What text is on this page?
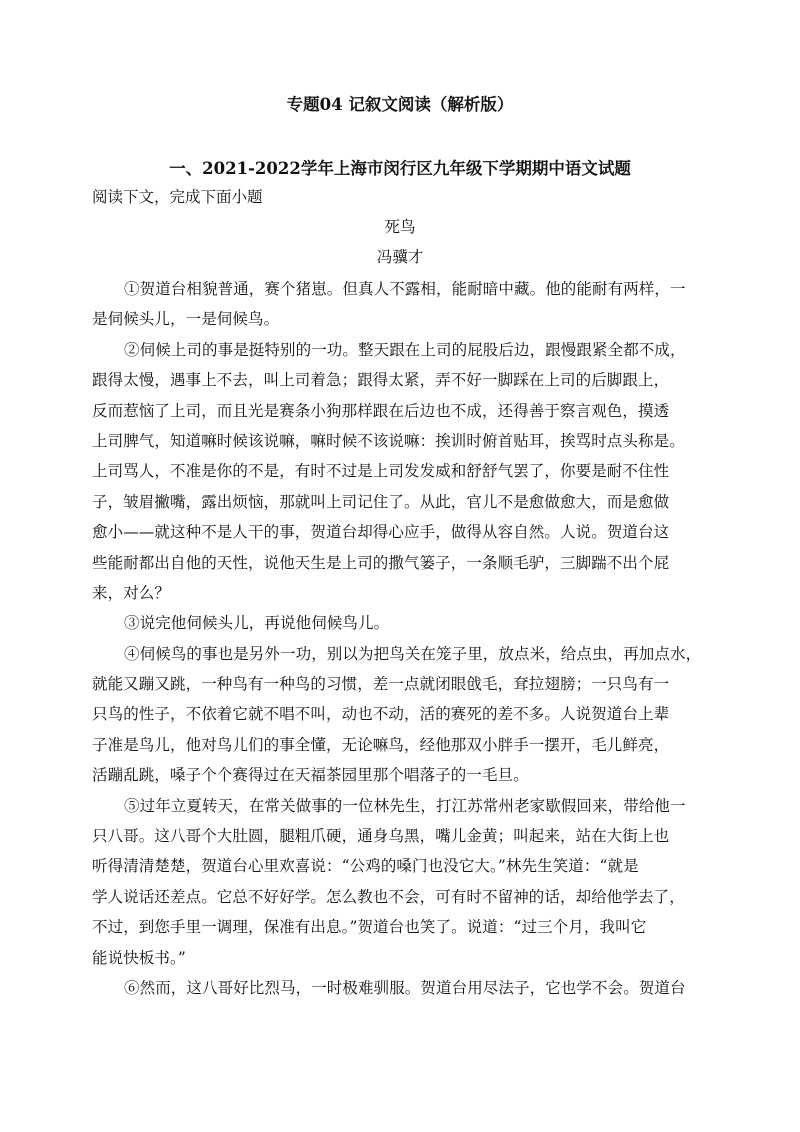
专题04 记叙文阅读（解析版）
一、2021-2022学年上海市闵行区九年级下学期期中语文试题

阅读下文，完成下面小题

死鸟

冯骥才

①贺道台相貌普通，赛个猪崽。但真人不露相，能耐暗中藏。他的能耐有两样，一
是伺候头儿，一是伺候鸟。
②伺候上司的事是挺特别的一功。整天跟在上司的屁股后边，跟慢跟紧全都不成，
跟得太慢，遇事上不去，叫上司着急；跟得太紧，弄不好一脚踩在上司的后脚跟上，
反而惹恼了上司，而且光是赛条小狗那样跟在后边也不成，还得善于察言观色，摸透
上司脾气，知道嘛时候该说嘛，嘛时候不该说嘛：挨训时俯首贴耳，挨骂时点头称是。
上司骂人，不准是你的不是，有时不过是上司发发威和舒舒气罢了，你要是耐不住性
子，皱眉撇嘴，露出烦恼，那就叫上司记住了。从此，官儿不是愈做愈大，而是愈做
愈小——就这种不是人干的事，贺道台却得心应手，做得从容自然。人说。贺道台这
些能耐都出自他的天性，说他天生是上司的撒气篓子，一条顺毛驴，三脚踹不出个屁
来，对么？
③说完他伺候头儿，再说他伺候鸟儿。
④伺候鸟的事也是另外一功，别以为把鸟关在笼子里，放点米，给点虫，再加点水，
就能又蹦又跳，一种鸟有一种鸟的习惯，差一点就闭眼戗毛，耷拉翅膀；一只鸟有一
只鸟的性子，不依着它就不唱不叫，动也不动，活的赛死的差不多。人说贺道台上辈
子准是鸟儿，他对鸟儿们的事全懂，无论嘛鸟，经他那双小胖手一摆开，毛儿鲜亮，
活蹦乱跳，嗓子个个赛得过在天福茶园里那个唱落子的一毛旦。
⑤过年立夏转天，在常关做事的一位林先生，打江苏常州老家歇假回来，带给他一
只八哥。这八哥个大肚圆，腿粗爪硬，通身乌黑，嘴儿金黄；叫起来，站在大街上也
听得清清楚楚，贺道台心里欢喜说：“公鸡的嗓门也没它大。”林先生笑道：“就是
学人说话还差点。它总不好好学。怎么教也不会，可有时不留神的话，却给他学去了，
不过，到您手里一调理，保准有出息。”贺道台也笑了。说道：“过三个月，我叫它
能说快板书。”
⑥然而，这八哥好比烈马，一时极难驯服。贺道台用尽法子，它也学不会。贺道台
